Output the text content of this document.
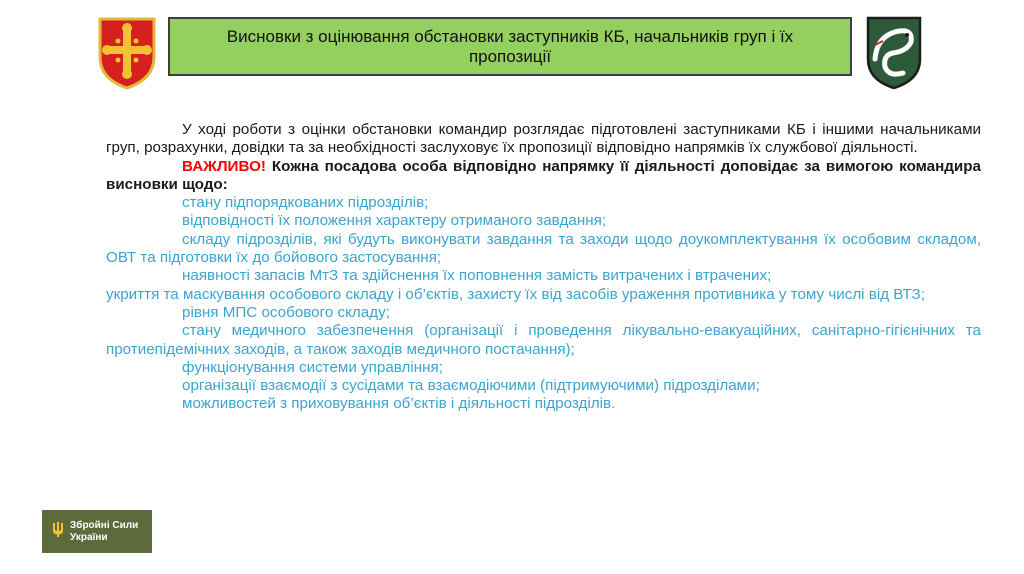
Висновки з оцінювання обстановки заступників КБ, начальників груп і їх пропозиції

У ході роботи з оцінки обстановки командир розглядає підготовлені заступниками КБ і іншими начальниками груп, розрахунки, довідки та за необхідності заслуховує їх пропозиції відповідно напрямків їх службової діяльності.

ВАЖЛИВО! Кожна посадова особа відповідно напрямку її діяльності доповідає за вимогою командира висновки щодо:

стану підпорядкованих підрозділів;

відповідності їх положення характеру отриманого завдання;

складу підрозділів, які будуть виконувати завдання та заходи щодо доукомплектування їх особовим складом, ОВТ та підготовки їх до бойового застосування;

наявності запасів МтЗ та здійснення їх поповнення замість витрачених і втрачених;

укриття та маскування особового складу і об’єктів, захисту їх від засобів ураження противника у тому числі від ВТЗ;

рівня МПС особового складу;

стану медичного забезпечення (організації і проведення лікувально-евакуаційних, санітарно-гігієнічних та протиепідемічних заходів, а також заходів медичного постачання);

функціонування системи управління;

організації взаємодії з сусідами та взаємодіючими (підтримуючими) підрозділами;

можливостей з приховування об’єктів і діяльності підрозділів.

Збройні Сили
України
